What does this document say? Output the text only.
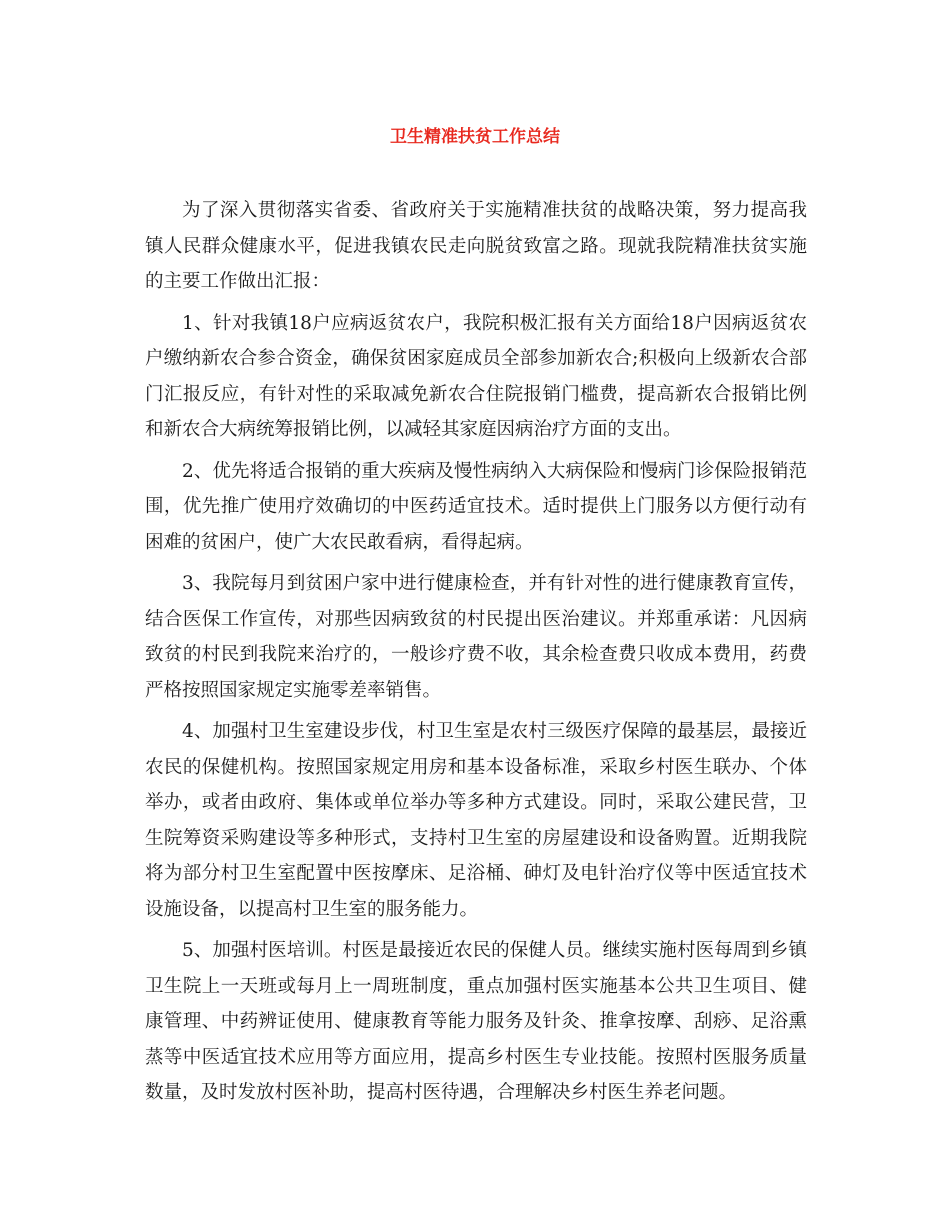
卫生精准扶贫工作总结

为了深入贯彻落实省委、省政府关于实施精准扶贫的战略决策，努力提高我镇人民群众健康水平，促进我镇农民走向脱贫致富之路。现就我院精准扶贫实施的主要工作做出汇报：

1、针对我镇18户应病返贫农户，我院积极汇报有关方面给18户因病返贫农户缴纳新农合参合资金，确保贫困家庭成员全部参加新农合;积极向上级新农合部门汇报反应，有针对性的采取减免新农合住院报销门槛费，提高新农合报销比例和新农合大病统筹报销比例，以减轻其家庭因病治疗方面的支出。

2、优先将适合报销的重大疾病及慢性病纳入大病保险和慢病门诊保险报销范围，优先推广使用疗效确切的中医药适宜技术。适时提供上门服务以方便行动有困难的贫困户，使广大农民敢看病，看得起病。

3、我院每月到贫困户家中进行健康检查，并有针对性的进行健康教育宣传，结合医保工作宣传，对那些因病致贫的村民提出医治建议。并郑重承诺：凡因病致贫的村民到我院来治疗的，一般诊疗费不收，其余检查费只收成本费用，药费严格按照国家规定实施零差率销售。

4、加强村卫生室建设步伐，村卫生室是农村三级医疗保障的最基层，最接近农民的保健机构。按照国家规定用房和基本设备标准，采取乡村医生联办、个体举办，或者由政府、集体或单位举办等多种方式建设。同时，采取公建民营，卫生院筹资采购建设等多种形式，支持村卫生室的房屋建设和设备购置。近期我院将为部分村卫生室配置中医按摩床、足浴桶、砷灯及电针治疗仪等中医适宜技术设施设备，以提高村卫生室的服务能力。

5、加强村医培训。村医是最接近农民的保健人员。继续实施村医每周到乡镇卫生院上一天班或每月上一周班制度，重点加强村医实施基本公共卫生项目、健康管理、中药辨证使用、健康教育等能力服务及针灸、推拿按摩、刮痧、足浴熏蒸等中医适宜技术应用等方面应用，提高乡村医生专业技能。按照村医服务质量数量，及时发放村医补助，提高村医待遇，合理解决乡村医生养老问题。
